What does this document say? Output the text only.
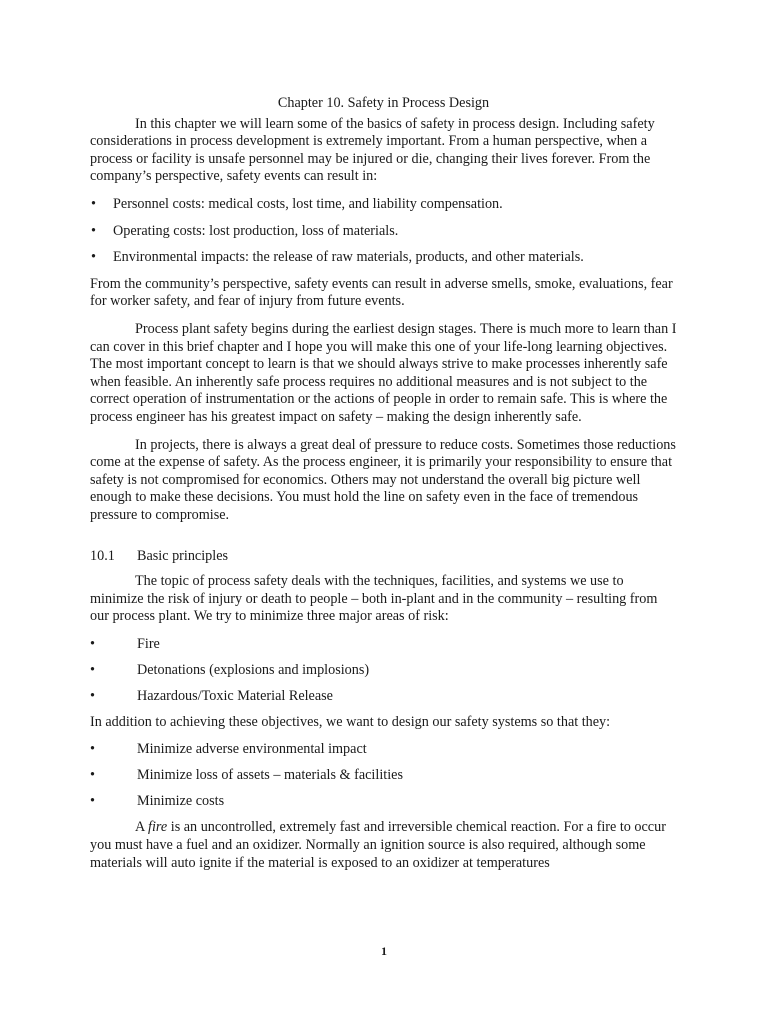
Chapter 10. Safety in Process Design

In this chapter we will learn some of the basics of safety in process design. Including safety considerations in process development is extremely important. From a human perspective, when a process or facility is unsafe personnel may be injured or die, changing their lives forever. From the company’s perspective, safety events can result in:

• Personnel costs: medical costs, lost time, and liability compensation.
• Operating costs: lost production, loss of materials.
• Environmental impacts: the release of raw materials, products, and other materials.

From the community’s perspective, safety events can result in adverse smells, smoke, evaluations, fear for worker safety, and fear of injury from future events.

Process plant safety begins during the earliest design stages. There is much more to learn than I can cover in this brief chapter and I hope you will make this one of your life-long learning objectives. The most important concept to learn is that we should always strive to make processes inherently safe when feasible. An inherently safe process requires no additional measures and is not subject to the correct operation of instrumentation or the actions of people in order to remain safe. This is where the process engineer has his greatest impact on safety – making the design inherently safe.

In projects, there is always a great deal of pressure to reduce costs. Sometimes those reductions come at the expense of safety. As the process engineer, it is primarily your responsibility to ensure that safety is not compromised for economics. Others may not understand the overall big picture well enough to make these decisions. You must hold the line on safety even in the face of tremendous pressure to compromise.

10.1 Basic principles

The topic of process safety deals with the techniques, facilities, and systems we use to minimize the risk of injury or death to people – both in-plant and in the community – resulting from our process plant. We try to minimize three major areas of risk:

•	Fire
•	Detonations (explosions and implosions)
•	Hazardous/Toxic Material Release

In addition to achieving these objectives, we want to design our safety systems so that they:

•	Minimize adverse environmental impact
•	Minimize loss of assets – materials & facilities
•	Minimize costs

A fire is an uncontrolled, extremely fast and irreversible chemical reaction. For a fire to occur you must have a fuel and an oxidizer. Normally an ignition source is also required, although some materials will auto ignite if the material is exposed to an oxidizer at temperatures

1
